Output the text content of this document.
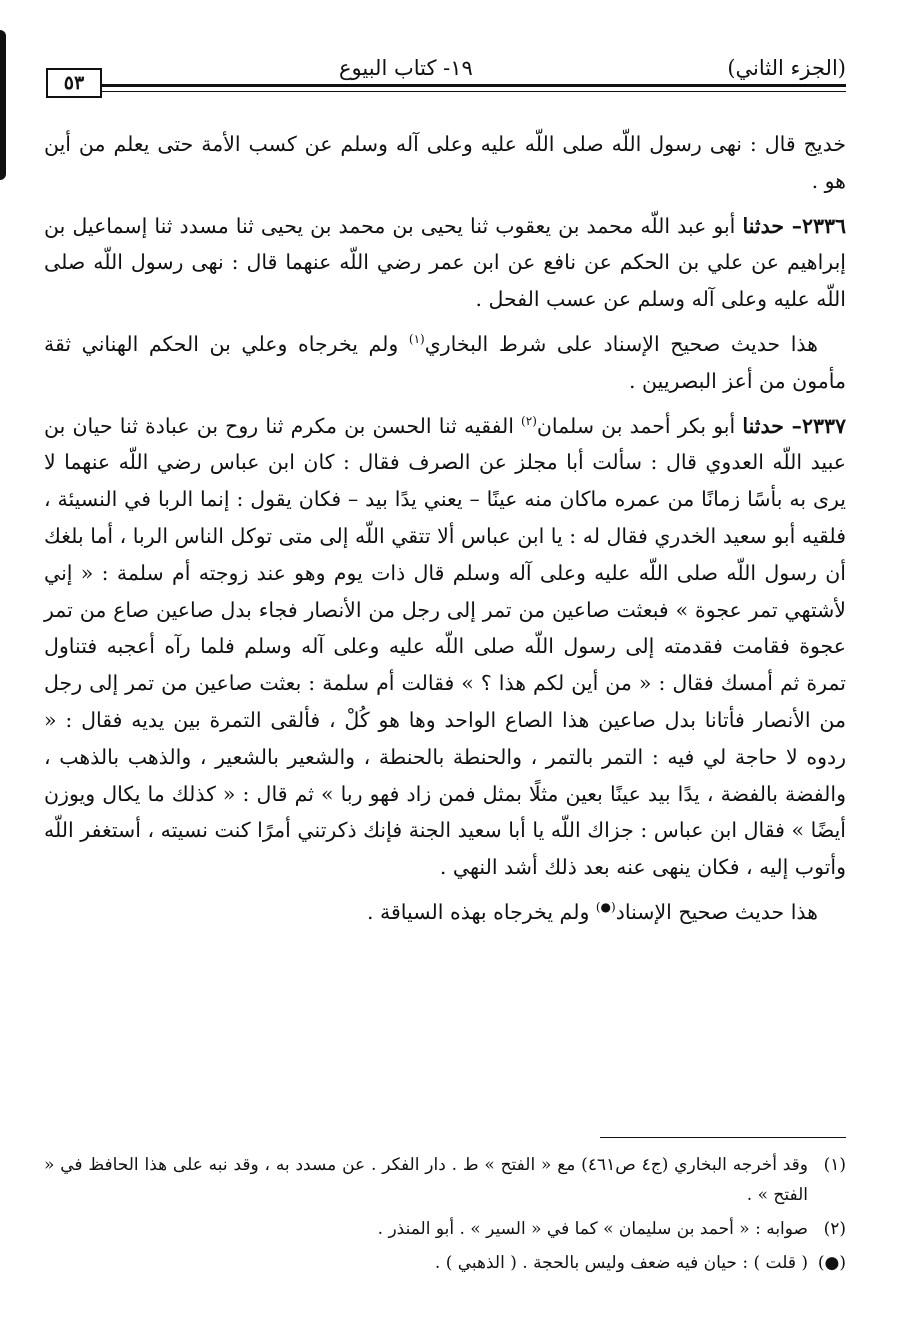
(الجزء الثاني)
١٩- كتاب البيوع
٥٣

خديج قال : نهى رسول اللّه صلى اللّه عليه وعلى آله وسلم عن كسب الأمة حتى يعلم من أين هو .

٢٣٣٦– حدثنا أبو عبد اللّه محمد بن يعقوب ثنا يحيى بن محمد بن يحيى ثنا مسدد ثنا إسماعيل بن إبراهيم عن علي بن الحكم عن نافع عن ابن عمر رضي اللّه عنهما قال : نهى رسول اللّه صلى اللّه عليه وعلى آله وسلم عن عسب الفحل .

هذا حديث صحيح الإسناد على شرط البخاري$^{(١)}$ ولم يخرجاه وعلي بن الحكم الهناني ثقة مأمون من أعز البصريين .

٢٣٣٧– حدثنا أبو بكر أحمد بن سلمان$^{(٢)}$ الفقيه ثنا الحسن بن مكرم ثنا روح بن عبادة ثنا حيان بن عبيد اللّه العدوي قال : سألت أبا مجلز عن الصرف فقال : كان ابن عباس رضي اللّه عنهما لا يرى به بأسًا زمانًا من عمره ماكان منه عينًا – يعني يدًا بيد – فكان يقول : إنما الربا في النسيئة ، فلقيه أبو سعيد الخدري فقال له : يا ابن عباس ألا تتقي اللّه إلى متى توكل الناس الربا ، أما بلغك أن رسول اللّه صلى اللّه عليه وعلى آله وسلم قال ذات يوم وهو عند زوجته أم سلمة : « إني لأشتهي تمر عجوة » فبعثت صاعين من تمر إلى رجل من الأنصار فجاء بدل صاعين صاع من تمر عجوة فقامت فقدمته إلى رسول اللّه صلى اللّه عليه وعلى آله وسلم فلما رآه أعجبه فتناول تمرة ثم أمسك فقال : « من أين لكم هذا ؟ » فقالت أم سلمة : بعثت صاعين من تمر إلى رجل من الأنصار فأتانا بدل صاعين هذا الصاع الواحد وها هو كُلْ ، فألقى التمرة بين يديه فقال : « ردوه لا حاجة لي فيه : التمر بالتمر ، والحنطة بالحنطة ، والشعير بالشعير ، والذهب بالذهب ، والفضة بالفضة ، يدًا بيد عينًا بعين مثلًا بمثل فمن زاد فهو ربا » ثم قال : « كذلك ما يكال ويوزن أيضًا » فقال ابن عباس : جزاك اللّه يا أبا سعيد الجنة فإنك ذكرتني أمرًا كنت نسيته ، أستغفر اللّه وأتوب إليه ، فكان ينهى عنه بعد ذلك أشد النهي .

هذا حديث صحيح الإسناد(●) ولم يخرجاه بهذه السياقة .

(١)
وقد أخرجه البخاري (ج٤ ص٤٦١) مع « الفتح » ط . دار الفكر . عن مسدد به ، وقد نبه على هذا الحافظ في « الفتح » .
(٢)
صوابه : « أحمد بن سليمان » كما في « السير » . أبو المنذر .
(●)
( قلت ) : حيان فيه ضعف وليس بالحجة . ( الذهبي ) .
